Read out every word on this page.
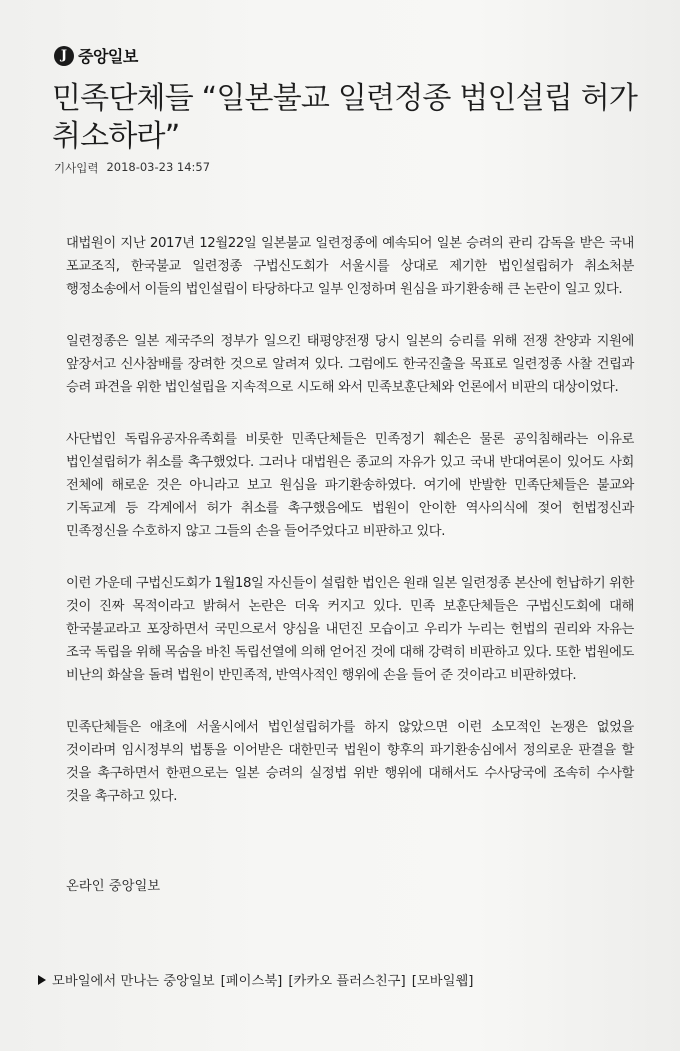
J 중앙일보
민족단체들 “일본불교 일련정종 법인설립 허가 취소하라”
기사입력 2018-03-23 14:57

대법원이 지난 2017년 12월22일 일본불교 일련정종에 예속되어 일본 승려의 관리 감독을 받은 국내 포교조직, 한국불교 일련정종 구법신도회가 서울시를 상대로 제기한 법인설립허가 취소처분 행정소송에서 이들의 법인설립이 타당하다고 일부 인정하며 원심을 파기환송해 큰 논란이 일고 있다.

일련정종은 일본 제국주의 정부가 일으킨 태평양전쟁 당시 일본의 승리를 위해 전쟁 찬양과 지원에 앞장서고 신사참배를 장려한 것으로 알려져 있다. 그럼에도 한국진출을 목표로 일련정종 사찰 건립과 승려 파견을 위한 법인설립을 지속적으로 시도해 와서 민족보훈단체와 언론에서 비판의 대상이었다.

사단법인 독립유공자유족회를 비롯한 민족단체들은 민족정기 훼손은 물론 공익침해라는 이유로 법인설립허가 취소를 촉구했었다. 그러나 대법원은 종교의 자유가 있고 국내 반대여론이 있어도 사회 전체에 해로운 것은 아니라고 보고 원심을 파기환송하였다. 여기에 반발한 민족단체들은 불교와 기독교계 등 각계에서 허가 취소를 촉구했음에도 법원이 안이한 역사의식에 젖어 헌법정신과 민족정신을 수호하지 않고 그들의 손을 들어주었다고 비판하고 있다.

이런 가운데 구법신도회가 1월18일 자신들이 설립한 법인은 원래 일본 일련정종 본산에 헌납하기 위한 것이 진짜 목적이라고 밝혀서 논란은 더욱 커지고 있다. 민족 보훈단체들은 구법신도회에 대해 한국불교라고 포장하면서 국민으로서 양심을 내던진 모습이고 우리가 누리는 헌법의 권리와 자유는 조국 독립을 위해 목숨을 바친 독립선열에 의해 얻어진 것에 대해 강력히 비판하고 있다. 또한 법원에도 비난의 화살을 돌려 법원이 반민족적, 반역사적인 행위에 손을 들어 준 것이라고 비판하였다.

민족단체들은 애초에 서울시에서 법인설립허가를 하지 않았으면 이런 소모적인 논쟁은 없었을 것이라며 임시정부의 법통을 이어받은 대한민국 법원이 향후의 파기환송심에서 정의로운 판결을 할 것을 촉구하면서 한편으로는 일본 승려의 실정법 위반 행위에 대해서도 수사당국에 조속히 수사할 것을 촉구하고 있다.

온라인 중앙일보
모바일에서 만나는 중앙일보 [페이스북] [카카오 플러스친구] [모바일웹]
